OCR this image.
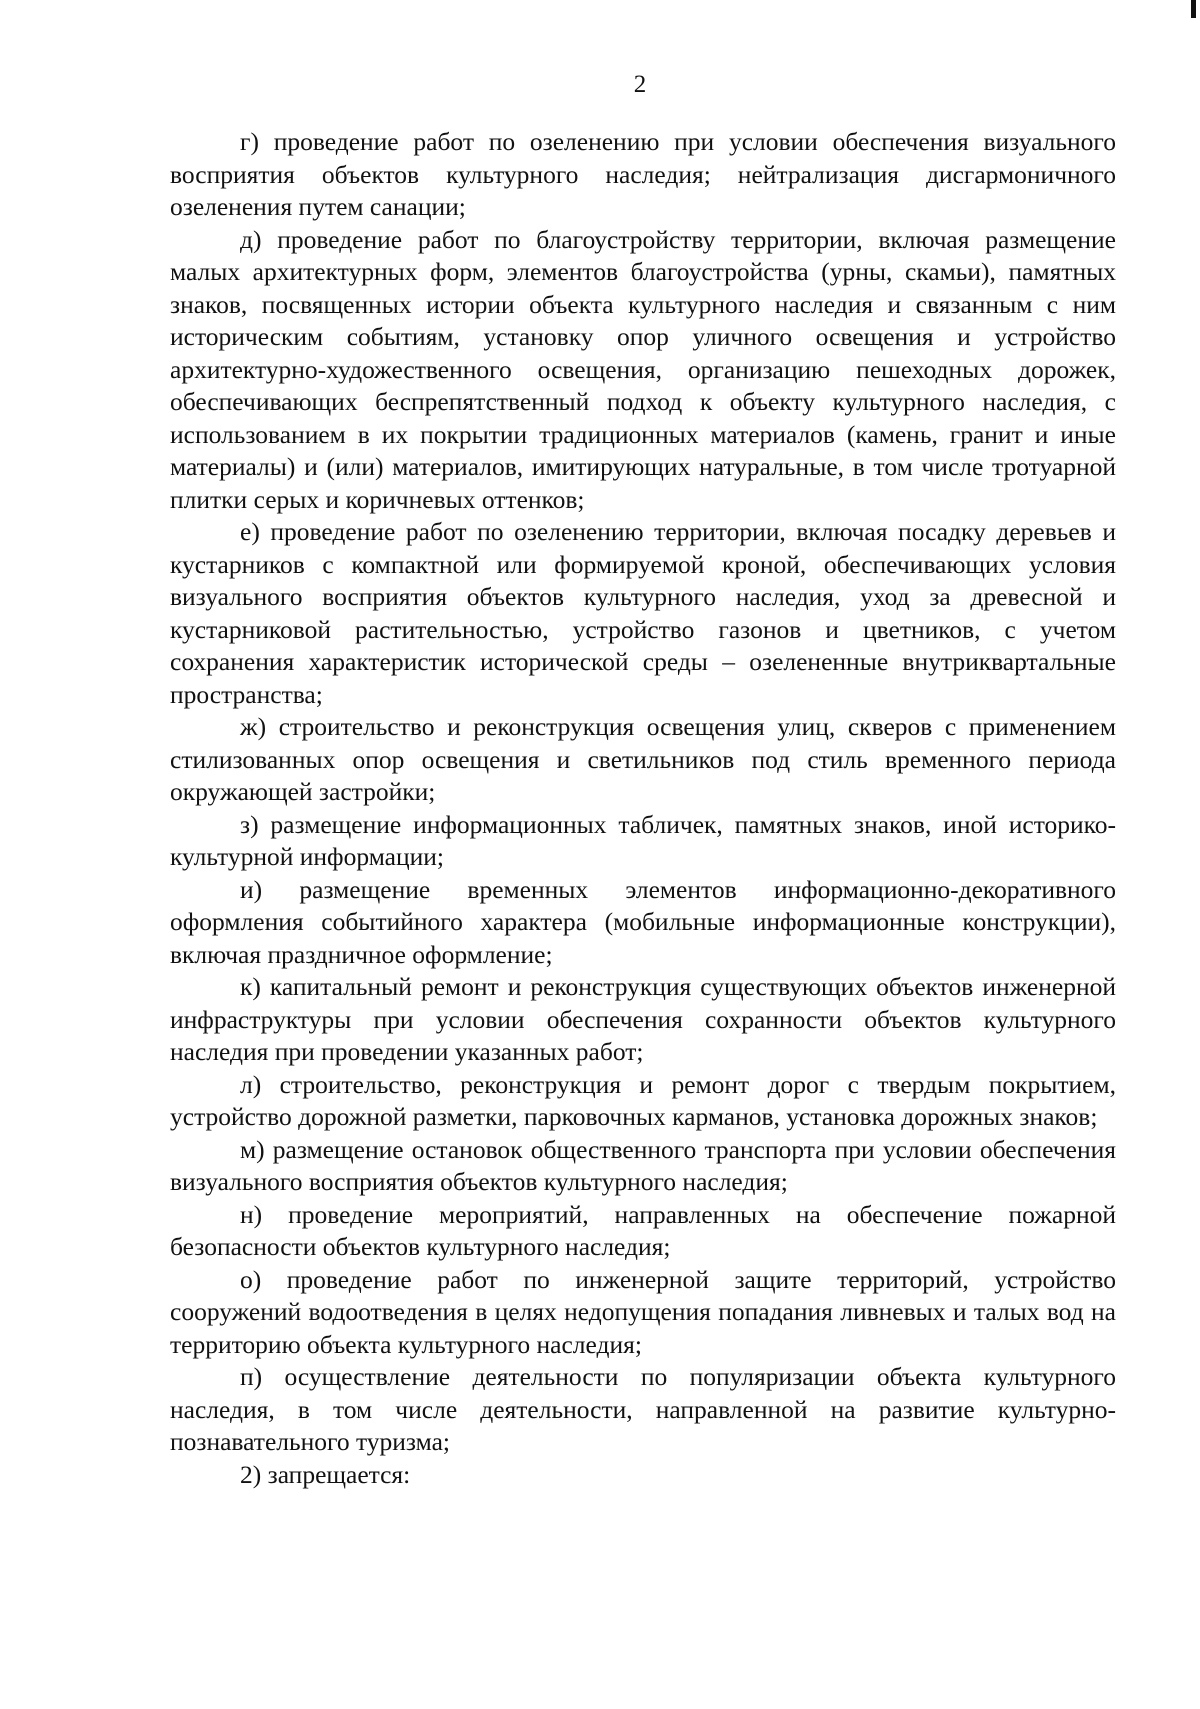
2

г) проведение работ по озеленению при условии обеспечения визуального восприятия объектов культурного наследия; нейтрализация дисгармоничного озеленения путем санации;

д) проведение работ по благоустройству территории, включая размещение малых архитектурных форм, элементов благоустройства (урны, скамьи), памятных знаков, посвященных истории объекта культурного наследия и связанным с ним историческим событиям, установку опор уличного освещения и устройство архитектурно-художественного освещения, организацию пешеходных дорожек, обеспечивающих беспрепятственный подход к объекту культурного наследия, с использованием в их покрытии традиционных материалов (камень, гранит и иные материалы) и (или) материалов, имитирующих натуральные, в том числе тротуарной плитки серых и коричневых оттенков;

е) проведение работ по озеленению территории, включая посадку деревьев и кустарников с компактной или формируемой кроной, обеспечивающих условия визуального восприятия объектов культурного наследия, уход за древесной и кустарниковой растительностью, устройство газонов и цветников, с учетом сохранения характеристик исторической среды – озелененные внутриквартальные пространства;

ж) строительство и реконструкция освещения улиц, скверов с применением стилизованных опор освещения и светильников под стиль временного периода окружающей застройки;

з) размещение информационных табличек, памятных знаков, иной историко-культурной информации;

и) размещение временных элементов информационно-декоративного оформления событийного характера (мобильные информационные конструкции), включая праздничное оформление;

к) капитальный ремонт и реконструкция существующих объектов инженерной инфраструктуры при условии обеспечения сохранности объектов культурного наследия при проведении указанных работ;

л) строительство, реконструкция и ремонт дорог с твердым покрытием, устройство дорожной разметки, парковочных карманов, установка дорожных знаков;

м) размещение остановок общественного транспорта при условии обеспечения визуального восприятия объектов культурного наследия;

н) проведение мероприятий, направленных на обеспечение пожарной безопасности объектов культурного наследия;

о) проведение работ по инженерной защите территорий, устройство сооружений водоотведения в целях недопущения попадания ливневых и талых вод на территорию объекта культурного наследия;

п) осуществление деятельности по популяризации объекта культурного наследия, в том числе деятельности, направленной на развитие культурно-познавательного туризма;

2) запрещается:
